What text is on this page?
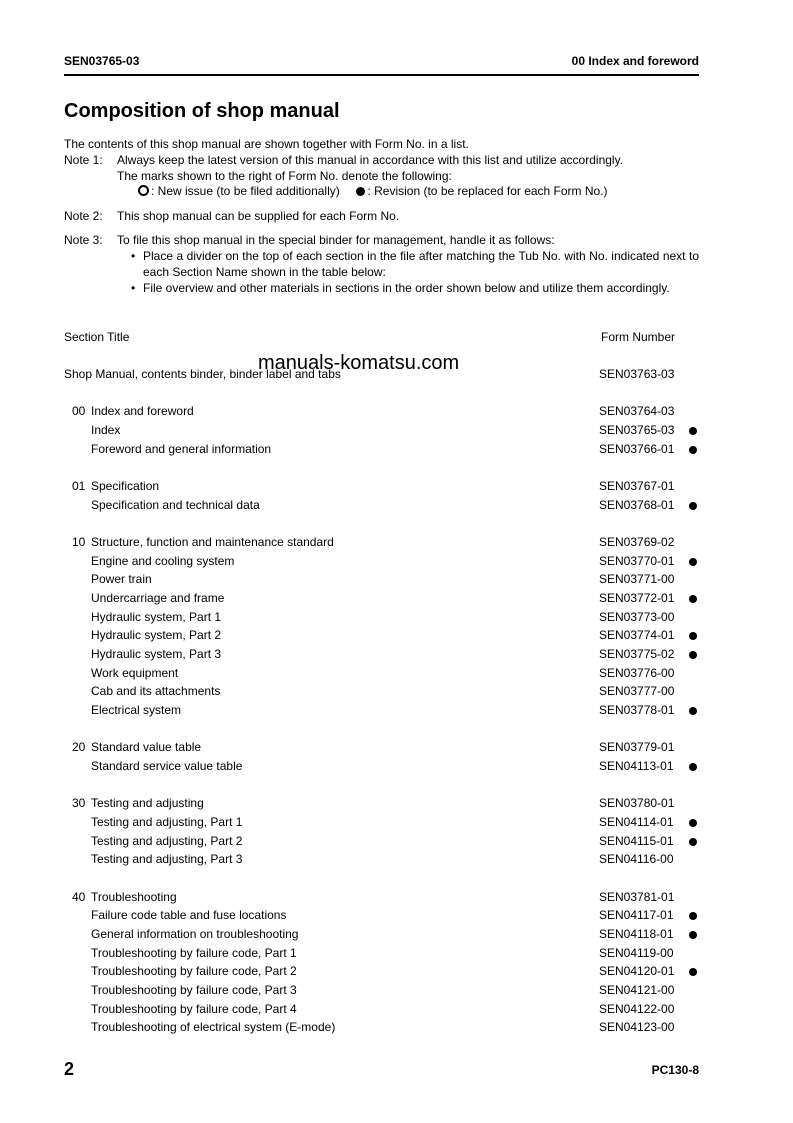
SEN03765-03	00 Index and foreword
Composition of shop manual
The contents of this shop manual are shown together with Form No. in a list.
Note 1: Always keep the latest version of this manual in accordance with this list and utilize accordingly.
The marks shown to the right of Form No. denote the following:
: New issue (to be filed additionally) : Revision (to be replaced for each Form No.)
Note 2: This shop manual can be supplied for each Form No.
Note 3: To file this shop manual in the special binder for management, handle it as follows:
• Place a divider on the top of each section in the file after matching the Tub No. with No. indicated next to each Section Name shown in the table below:
• File overview and other materials in sections in the order shown below and utilize them accordingly.
Section Title	Form Number
Shop Manual, contents binder, binder label and tabs	SEN03763-03
00 Index and foreword	SEN03764-03
Index	SEN03765-03
Foreword and general information	SEN03766-01
01 Specification	SEN03767-01
Specification and technical data	SEN03768-01
10 Structure, function and maintenance standard	SEN03769-02
Engine and cooling system	SEN03770-01
Power train	SEN03771-00
Undercarriage and frame	SEN03772-01
Hydraulic system, Part 1	SEN03773-00
Hydraulic system, Part 2	SEN03774-01
Hydraulic system, Part 3	SEN03775-02
Work equipment	SEN03776-00
Cab and its attachments	SEN03777-00
Electrical system	SEN03778-01
20 Standard value table	SEN03779-01
Standard service value table	SEN04113-01
30 Testing and adjusting	SEN03780-01
Testing and adjusting, Part 1	SEN04114-01
Testing and adjusting, Part 2	SEN04115-01
Testing and adjusting, Part 3	SEN04116-00
40 Troubleshooting	SEN03781-01
Failure code table and fuse locations	SEN04117-01
General information on troubleshooting	SEN04118-01
Troubleshooting by failure code, Part 1	SEN04119-00
Troubleshooting by failure code, Part 2	SEN04120-01
Troubleshooting by failure code, Part 3	SEN04121-00
Troubleshooting by failure code, Part 4	SEN04122-00
Troubleshooting of electrical system (E-mode)	SEN04123-00
manuals-komatsu.com
2	PC130-8
